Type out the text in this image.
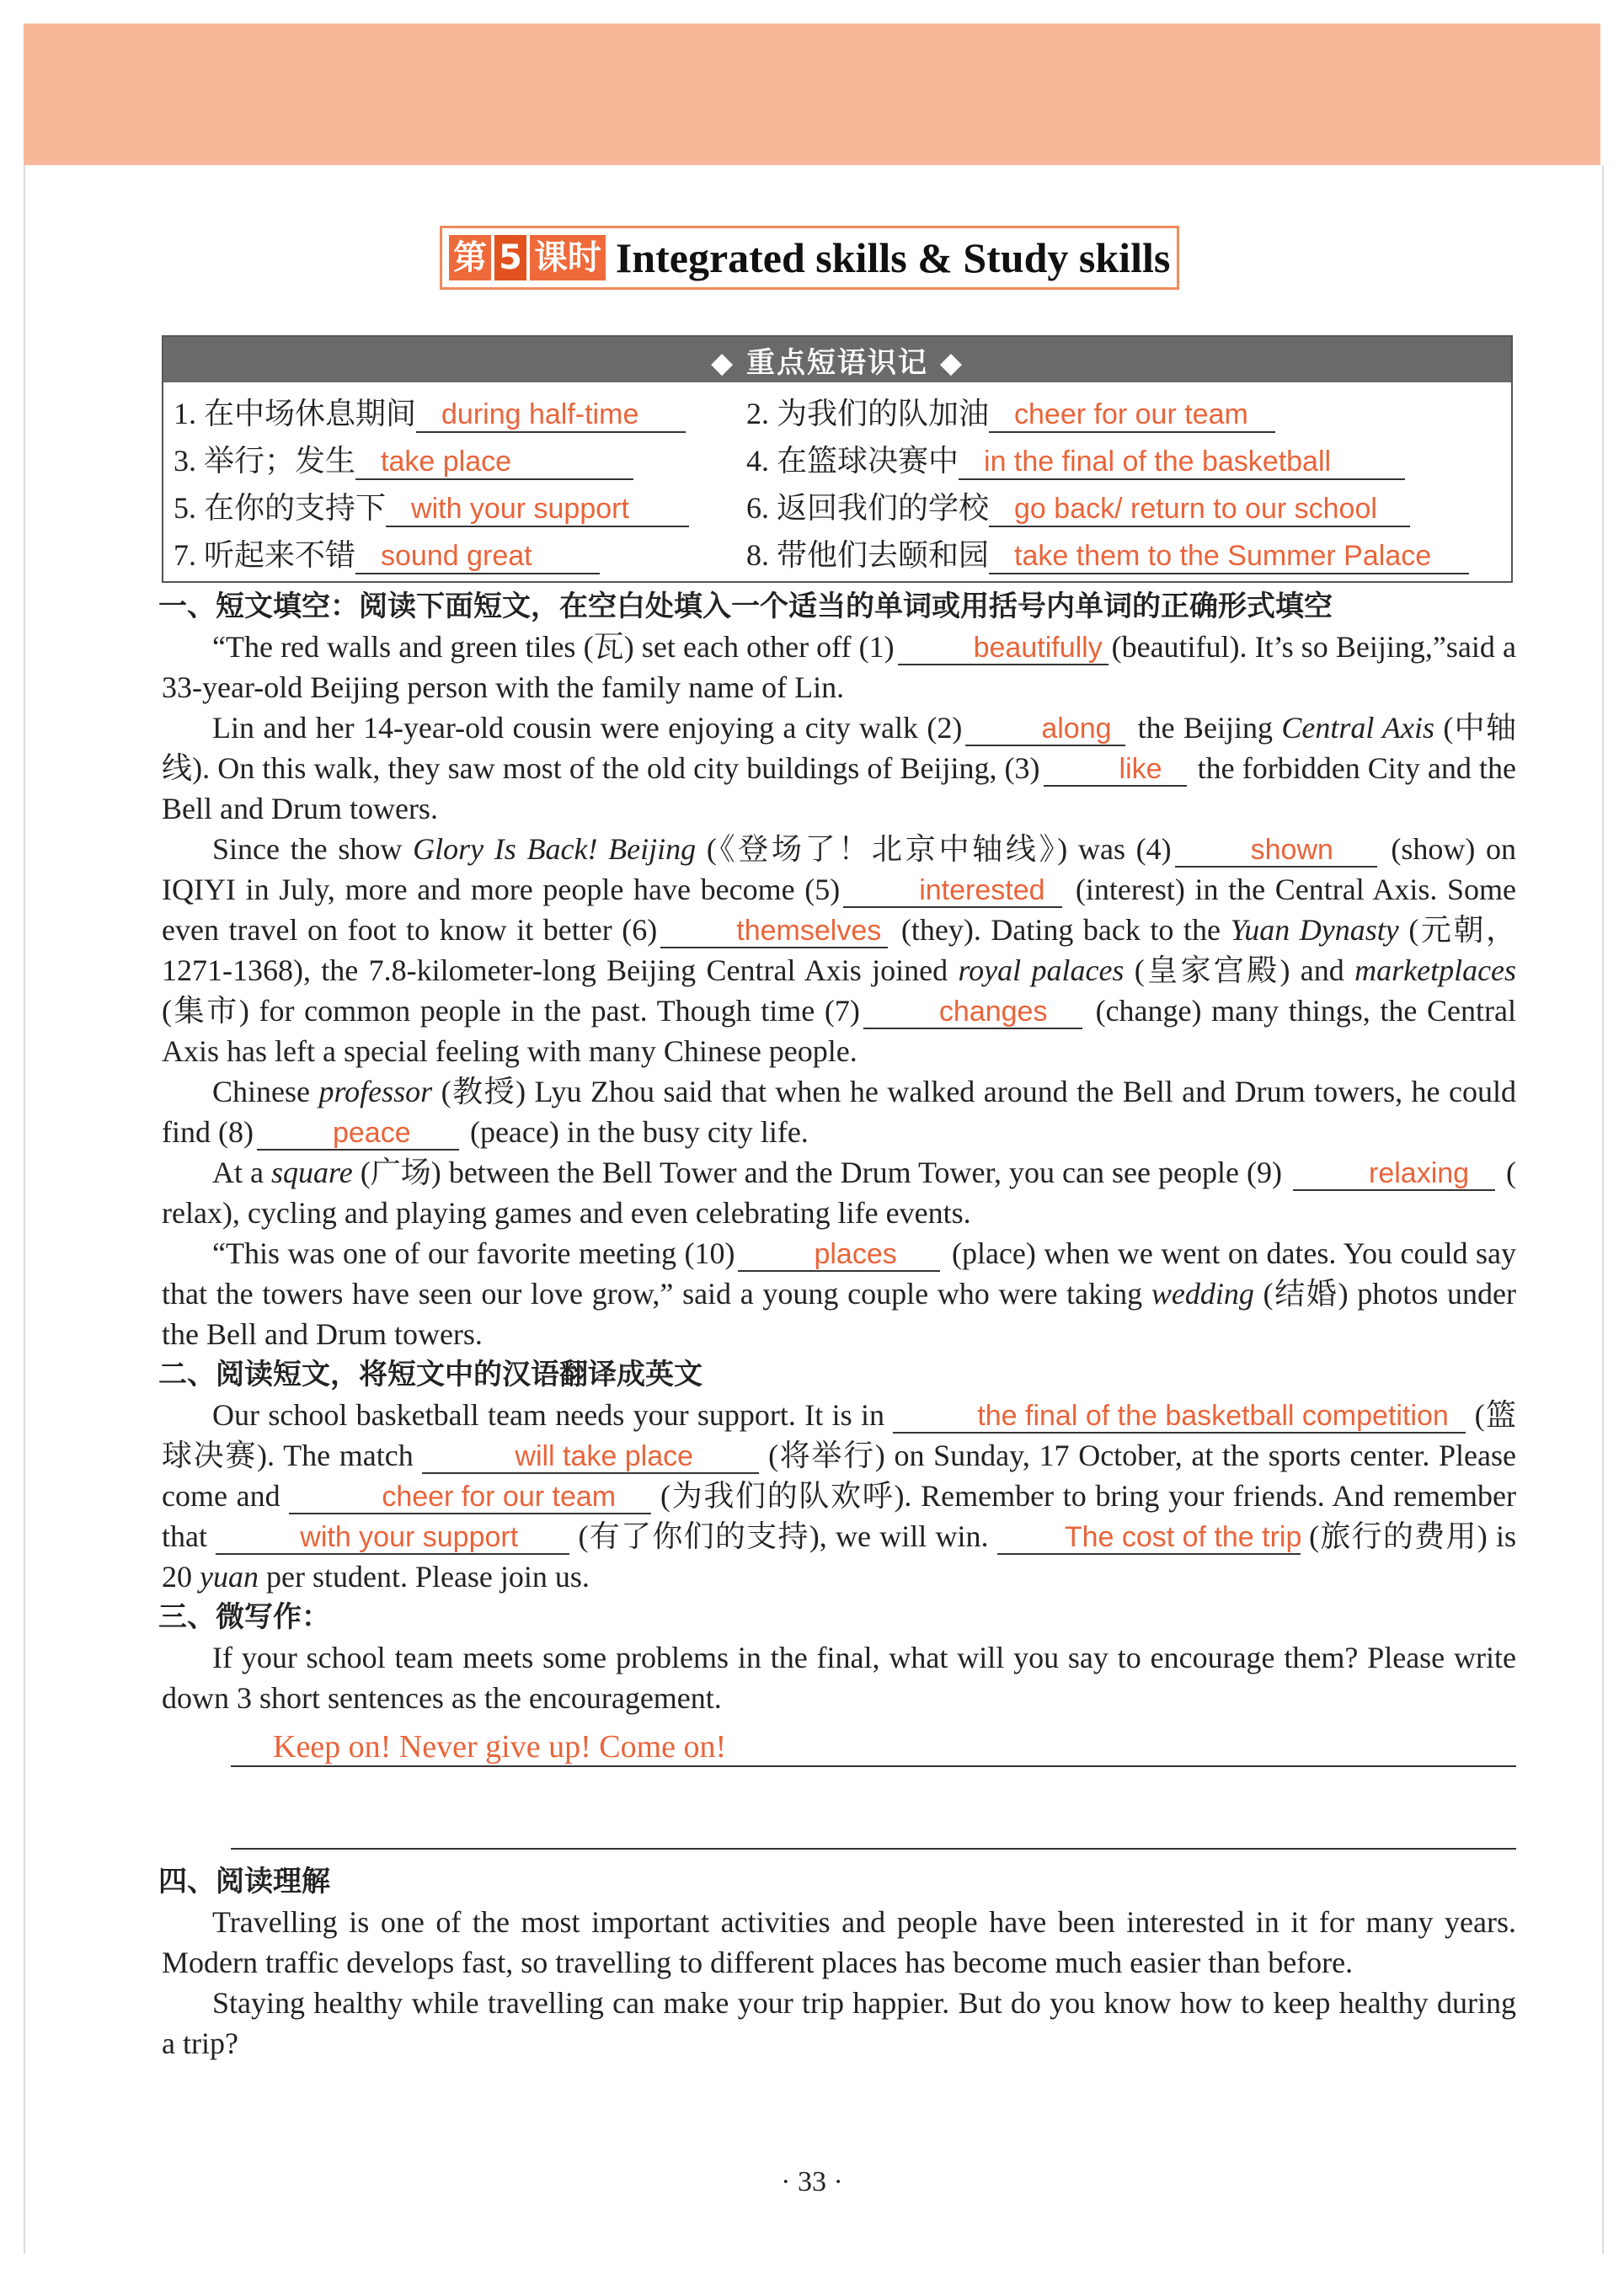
第 5 课时 Integrated skills & Study skills
◆ 重点短语识记 ◆
1. 在中场休息期间 during half-time	2. 为我们的队加油 cheer for our team
3. 举行；发生 take place	4. 在篮球决赛中 in the final of the basketball
5. 在你的支持下 with your support	6. 返回我们的学校 go back/ return to our school
7. 听起来不错 sound great	8. 带他们去颐和园 take them to the Summer Palace
一、短文填空：阅读下面短文，在空白处填入一个适当的单词或用括号内单词的正确形式填空

“The red walls and green tiles (瓦) set each other off (1)	beautifully (beautiful). It’s so Beijing,”said a 33-year-old Beijing person with the family name of Lin.

Lin and her 14-year-old cousin were enjoying a city walk (2)	along the Beijing Central Axis (中轴线). On this walk, they saw most of the old city buildings of Beijing, (3)	like the forbidden City and the Bell and Drum towers.

Since the show Glory Is Back! Beijing (《登场了！北京中轴线》) was (4)	shown (show) on IQIYI in July, more and more people have become (5)	interested (interest) in the Central Axis. Some even travel on foot to know it better (6)	themselves (they). Dating back to the Yuan Dynasty (元朝，1271-1368), the 7.8-kilometer-long Beijing Central Axis joined royal palaces (皇家宫殿) and marketplaces (集市) for common people in the past. Though time (7)	changes (change) many things, the Central Axis has left a special feeling with many Chinese people.

Chinese professor (教授) Lyu Zhou said that when he walked around the Bell and Drum towers, he could find (8)	peace (peace) in the busy city life.

At a square (广场) between the Bell Tower and the Drum Tower, you can see people (9)	relaxing ( relax), cycling and playing games and even celebrating life events.

“This was one of our favorite meeting (10)	places (place) when we went on dates. You could say that the towers have seen our love grow,” said a young couple who were taking wedding (结婚) photos under the Bell and Drum towers.

二、阅读短文，将短文中的汉语翻译成英文

Our school basketball team needs your support. It is in	the final of the basketball competition (篮球决赛). The match	will take place (将举行) on Sunday, 17 October, at the sports center. Please come and	cheer for our team (为我们的队欢呼). Remember to bring your friends. And remember that	with your support (有了你们的支持), we will win.	The cost of the trip (旅行的费用) is 20 yuan per student. Please join us.

三、微写作：

If your school team meets some problems in the final, what will you say to encourage them? Please write down 3 short sentences as the encouragement.

Keep on! Never give up! Come on!
四、阅读理解

Travelling is one of the most important activities and people have been interested in it for many years. Modern traffic develops fast, so travelling to different places has become much easier than before.

Staying healthy while travelling can make your trip happier. But do you know how to keep healthy during a trip?

· 33 ·
